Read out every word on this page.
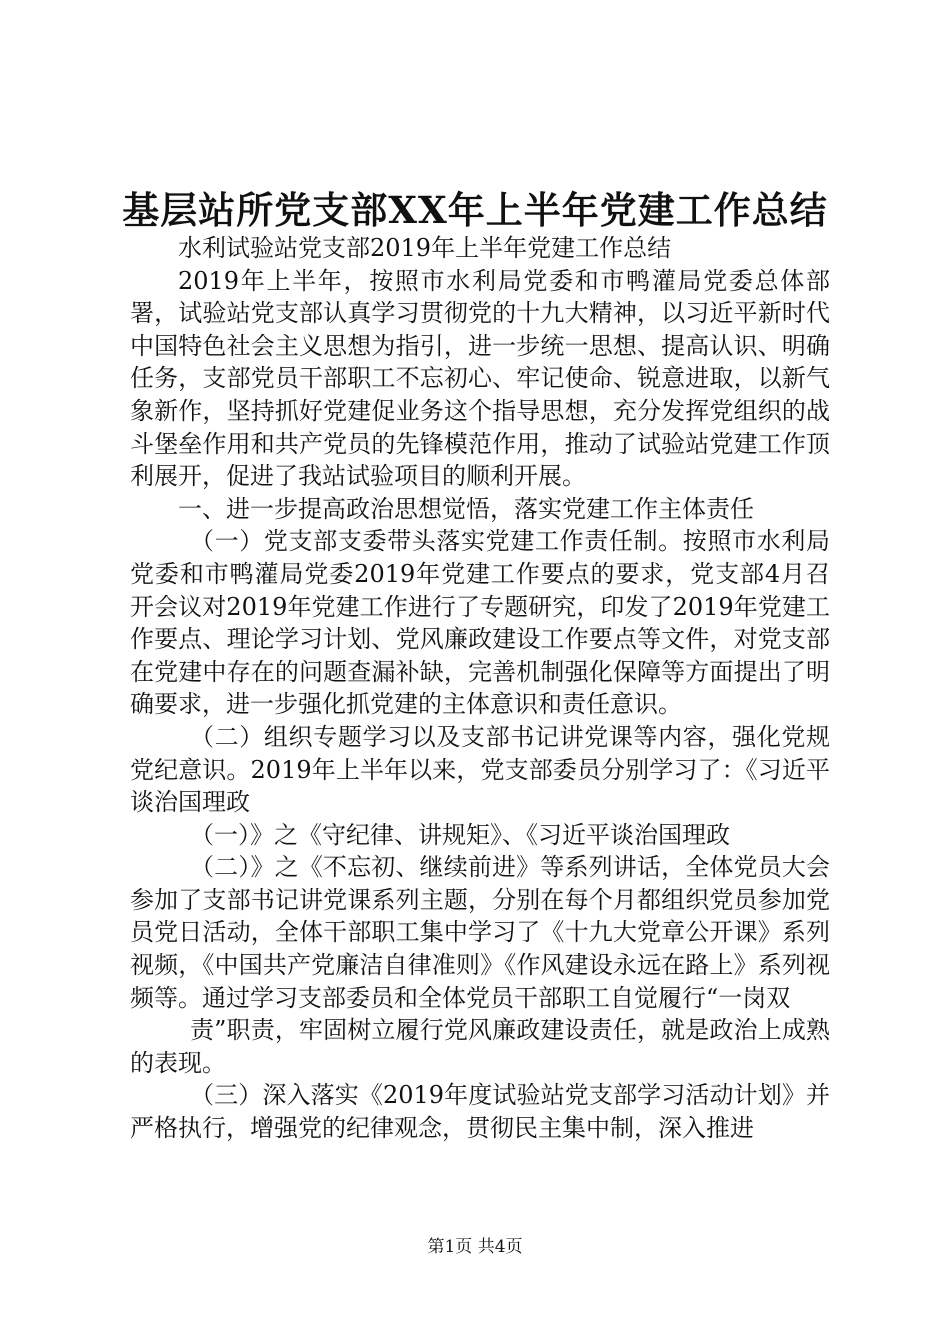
基层站所党支部XX年上半年党建工作总结

水利试验站党支部2019年上半年党建工作总结

2019年上半年，按照市水利局党委和市鸭灌局党委总体部署，试验站党支部认真学习贯彻党的十九大精神，以习近平新时代中国特色社会主义思想为指引，进一步统一思想、提高认识、明确任务，支部党员干部职工不忘初心、牢记使命、锐意进取，以新气象新作，坚持抓好党建促业务这个指导思想，充分发挥党组织的战斗堡垒作用和共产党员的先锋模范作用，推动了试验站党建工作顶利展开，促进了我站试验项目的顺利开展。

一、进一步提高政治思想觉悟，落实党建工作主体责任

（一）党支部支委带头落实党建工作责任制。按照市水利局党委和市鸭灌局党委2019年党建工作要点的要求，党支部4月召开会议对2019年党建工作进行了专题研究，印发了2019年党建工作要点、理论学习计划、党风廉政建设工作要点等文件，对党支部在党建中存在的问题查漏补缺，完善机制强化保障等方面提出了明确要求，进一步强化抓党建的主体意识和责任意识。

（二）组织专题学习以及支部书记讲党课等内容，强化党规党纪意识。2019年上半年以来，党支部委员分别学习了：《习近平谈治国理政

（一）》之《守纪律、讲规矩》、《习近平谈治国理政

（二）》之《不忘初、继续前进》等系列讲话，全体党员大会参加了支部书记讲党课系列主题，分别在每个月都组织党员参加党员党日活动，全体干部职工集中学习了《十九大党章公开课》系列视频，《中国共产党廉洁自律准则》《作风建设永远在路上》系列视频等。通过学习支部委员和全体党员干部职工自觉履行“一岗双

责”职责，牢固树立履行党风廉政建设责任，就是政治上成熟的表现。

（三）深入落实《2019年度试验站党支部学习活动计划》并严格执行，增强党的纪律观念，贯彻民主集中制，深入推进

第1页 共4页
